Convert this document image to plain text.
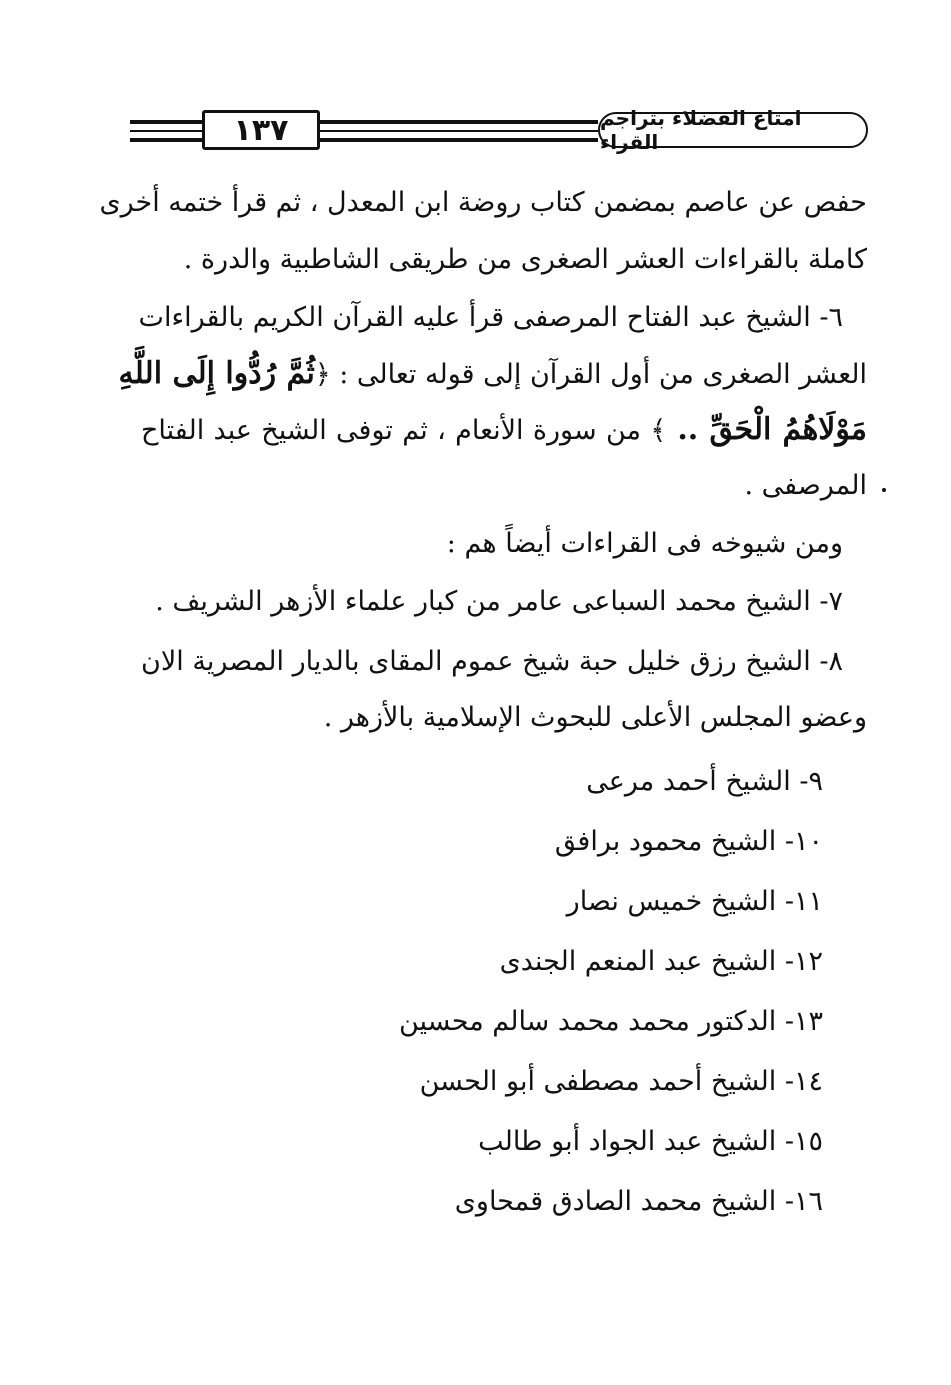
١٣٧	امتاع الفضلاء بتراجم القراء
حفص عن عاصم بمضمن كتاب روضة ابن المعدل ، ثم قرأ ختمه أخرى
كاملة بالقراءات العشر الصغرى من طريقى الشاطبية والدرة .
٦- الشيخ عبد الفتاح المرصفى قرأ عليه القرآن الكريم بالقراءات
العشر الصغرى من أول القرآن إلى قوله تعالى : ﴿ثُمَّ رُدُّوا إِلَى اللَّهِ
مَوْلَاهُمُ الْحَقِّ .. ﴾ من سورة الأنعام ، ثم توفى الشيخ عبد الفتاح
المرصفى .
ومن شيوخه فى القراءات أيضاً هم :
٧- الشيخ محمد السباعى عامر من كبار علماء الأزهر الشريف .
٨- الشيخ رزق خليل حبة شيخ عموم المقاى بالديار المصرية الان
وعضو المجلس الأعلى للبحوث الإسلامية بالأزهر .
٩- الشيخ أحمد مرعى
١٠- الشيخ محمود برافق
١١- الشيخ خميس نصار
١٢- الشيخ عبد المنعم الجندى
١٣- الدكتور محمد محمد سالم محسين
١٤- الشيخ أحمد مصطفى أبو الحسن
١٥- الشيخ عبد الجواد أبو طالب
١٦- الشيخ محمد الصادق قمحاوى
